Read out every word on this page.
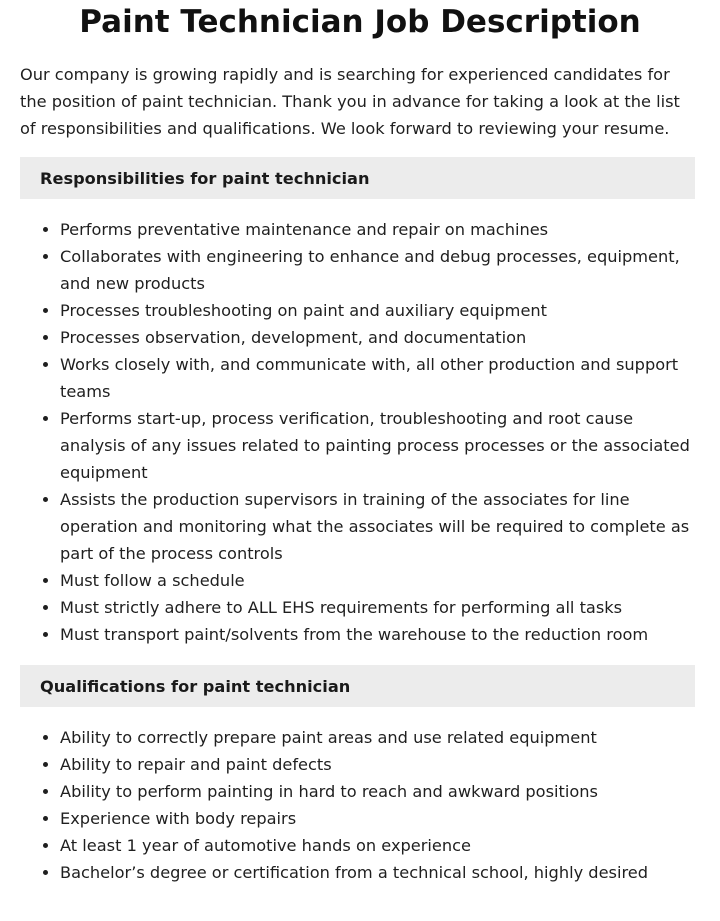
Paint Technician Job Description

Our company is growing rapidly and is searching for experienced candidates for the position of paint technician. Thank you in advance for taking a look at the list of responsibilities and qualifications. We look forward to reviewing your resume.

Responsibilities for paint technician
• Performs preventative maintenance and repair on machines
• Collaborates with engineering to enhance and debug processes, equipment, and new products
• Processes troubleshooting on paint and auxiliary equipment
• Processes observation, development, and documentation
• Works closely with, and communicate with, all other production and support teams
• Performs start-up, process verification, troubleshooting and root cause analysis of any issues related to painting process processes or the associated equipment
• Assists the production supervisors in training of the associates for line operation and monitoring what the associates will be required to complete as part of the process controls
• Must follow a schedule
• Must strictly adhere to ALL EHS requirements for performing all tasks
• Must transport paint/solvents from the warehouse to the reduction room
Qualifications for paint technician
• Ability to correctly prepare paint areas and use related equipment
• Ability to repair and paint defects
• Ability to perform painting in hard to reach and awkward positions
• Experience with body repairs
• At least 1 year of automotive hands on experience
• Bachelor’s degree or certification from a technical school, highly desired
